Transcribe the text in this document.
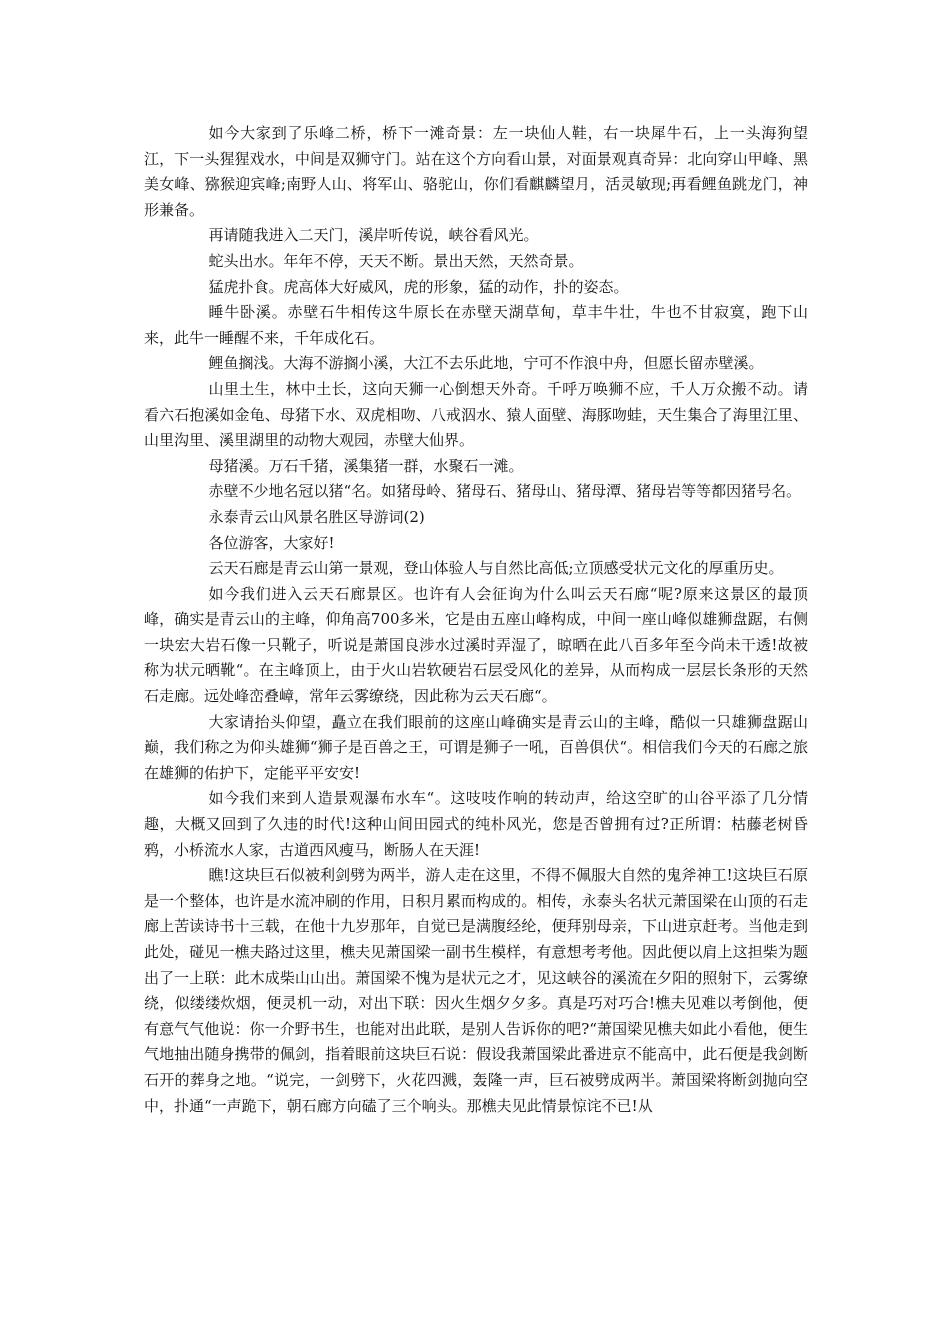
如今大家到了乐峰二桥，桥下一滩奇景：左一块仙人鞋，右一块犀牛石，上一头海狗望江，下一头猩猩戏水，中间是双狮守门。站在这个方向看山景，对面景观真奇异：北向穿山甲峰、黑美女峰、猕猴迎宾峰;南野人山、将军山、骆驼山，你们看麒麟望月，活灵敏现;再看鲤鱼跳龙门，神形兼备。

再请随我进入二天门，溪岸听传说，峡谷看风光。

蛇头出水。年年不停，天天不断。景出天然，天然奇景。

猛虎扑食。虎高体大好威风，虎的形象，猛的动作，扑的姿态。

睡牛卧溪。赤壁石牛相传这牛原长在赤壁天湖草甸，草丰牛壮，牛也不甘寂寞，跑下山来，此牛一睡醒不来，千年成化石。

鲤鱼搁浅。大海不游搁小溪，大江不去乐此地，宁可不作浪中舟，但愿长留赤壁溪。

山里土生，林中土长，这向天狮一心倒想天外奇。千呼万唤狮不应，千人万众搬不动。请看六石抱溪如金龟、母猪下水、双虎相吻、八戒泅水、猿人面壁、海豚吻蛙，天生集合了海里江里、山里沟里、溪里湖里的动物大观园，赤壁大仙界。

母猪溪。万石千猪，溪集猪一群，水聚石一滩。

赤壁不少地名冠以猪“名。如猪母岭、猪母石、猪母山、猪母潭、猪母岩等等都因猪号名。

永泰青云山风景名胜区导游词(2)

各位游客，大家好!

云天石廊是青云山第一景观，登山体验人与自然比高低;立顶感受状元文化的厚重历史。

如今我们进入云天石廊景区。也许有人会征询为什么叫云天石廊“呢?原来这景区的最顶峰，确实是青云山的主峰，仰角高700多米，它是由五座山峰构成，中间一座山峰似雄狮盘踞，右侧一块宏大岩石像一只靴子，听说是萧国良涉水过溪时弄湿了，晾晒在此八百多年至今尚未干透!故被称为状元晒靴“。在主峰顶上，由于火山岩软硬岩石层受风化的差异，从而构成一层层长条形的天然石走廊。远处峰峦叠嶂，常年云雾缭绕，因此称为云天石廊“。

大家请抬头仰望，矗立在我们眼前的这座山峰确实是青云山的主峰，酷似一只雄狮盘踞山巅，我们称之为仰头雄狮“狮子是百兽之王，可谓是狮子一吼，百兽俱伏“。相信我们今天的石廊之旅在雄狮的佑护下，定能平平安安!

如今我们来到人造景观瀑布水车“。这吱吱作响的转动声，给这空旷的山谷平添了几分情趣，大概又回到了久违的时代!这种山间田园式的纯朴风光，您是否曾拥有过?正所谓：枯藤老树昏鸦，小桥流水人家，古道西风瘦马，断肠人在天涯!

瞧!这块巨石似被利剑劈为两半，游人走在这里，不得不佩服大自然的鬼斧神工!这块巨石原是一个整体，也许是水流冲刷的作用，日积月累而构成的。相传，永泰头名状元萧国梁在山顶的石走廊上苦读诗书十三载，在他十九岁那年，自觉已是满腹经纶，便拜别母亲，下山进京赶考。当他走到此处，碰见一樵夫路过这里，樵夫见萧国梁一副书生模样，有意想考考他。因此便以肩上这担柴为题出了一上联：此木成柴山山出。萧国梁不愧为是状元之才，见这峡谷的溪流在夕阳的照射下，云雾缭绕，似缕缕炊烟，便灵机一动，对出下联：因火生烟夕夕多。真是巧对巧合!樵夫见难以考倒他，便有意气气他说：你一介野书生，也能对出此联，是别人告诉你的吧?“萧国梁见樵夫如此小看他，便生气地抽出随身携带的佩剑，指着眼前这块巨石说：假设我萧国梁此番进京不能高中，此石便是我剑断石开的葬身之地。“说完，一剑劈下，火花四溅，轰隆一声，巨石被劈成两半。萧国梁将断剑抛向空中，扑通“一声跪下，朝石廊方向磕了三个响头。那樵夫见此情景惊诧不已!从
